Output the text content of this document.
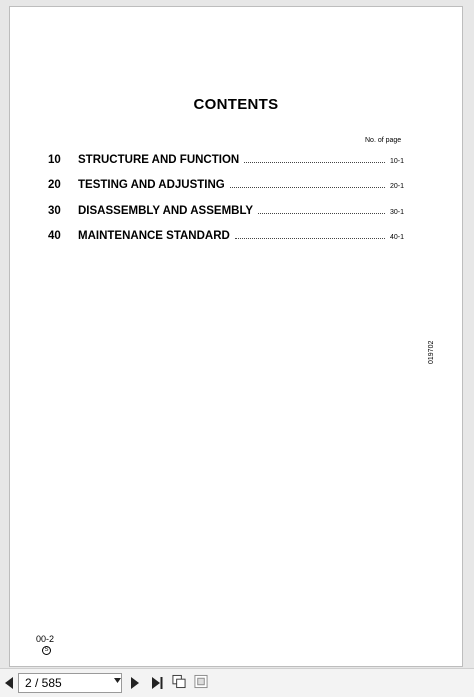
CONTENTS
No. of page
10	STRUCTURE AND FUNCTION	10-1
20	TESTING AND ADJUSTING	20-1
30	DISASSEMBLY AND ASSEMBLY	30-1
40	MAINTENANCE STANDARD	40-1
019702
00-2
S
2 / 585
